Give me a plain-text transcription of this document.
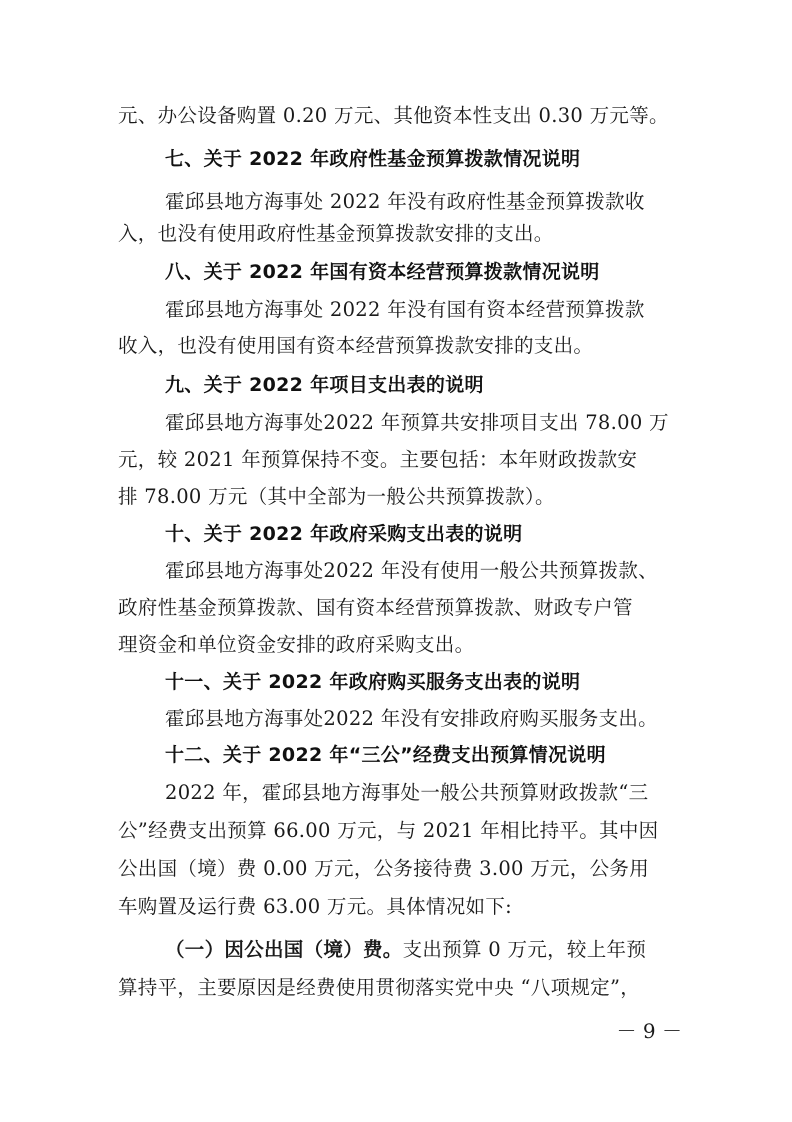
元、办公设备购置 0.20 万元、其他资本性支出 0.30 万元等。
七、关于 2022 年政府性基金预算拨款情况说明
霍邱县地方海事处 2022 年没有政府性基金预算拨款收
入，也没有使用政府性基金预算拨款安排的支出。
八、关于 2022 年国有资本经营预算拨款情况说明
霍邱县地方海事处 2022 年没有国有资本经营预算拨款
收入，也没有使用国有资本经营预算拨款安排的支出。
九、关于 2022 年项目支出表的说明
霍邱县地方海事处2022 年预算共安排项目支出 78.00 万
元，较 2021 年预算保持不变。主要包括：本年财政拨款安
排 78.00 万元（其中全部为一般公共预算拨款）。
十、关于 2022 年政府采购支出表的说明
霍邱县地方海事处2022 年没有使用一般公共预算拨款、
政府性基金预算拨款、国有资本经营预算拨款、财政专户管
理资金和单位资金安排的政府采购支出。
十一、关于 2022 年政府购买服务支出表的说明
霍邱县地方海事处2022 年没有安排政府购买服务支出。
十二、关于 2022 年“三公”经费支出预算情况说明
2022 年，霍邱县地方海事处一般公共预算财政拨款“三
公”经费支出预算 66.00 万元，与 2021 年相比持平。其中因
公出国（境）费 0.00 万元，公务接待费 3.00 万元，公务用
车购置及运行费 63.00 万元。具体情况如下:
（一）因公出国（境）费。支出预算 0 万元，较上年预
算持平，主要原因是经费使用贯彻落实党中央 “八项规定”，
－ 9 －
